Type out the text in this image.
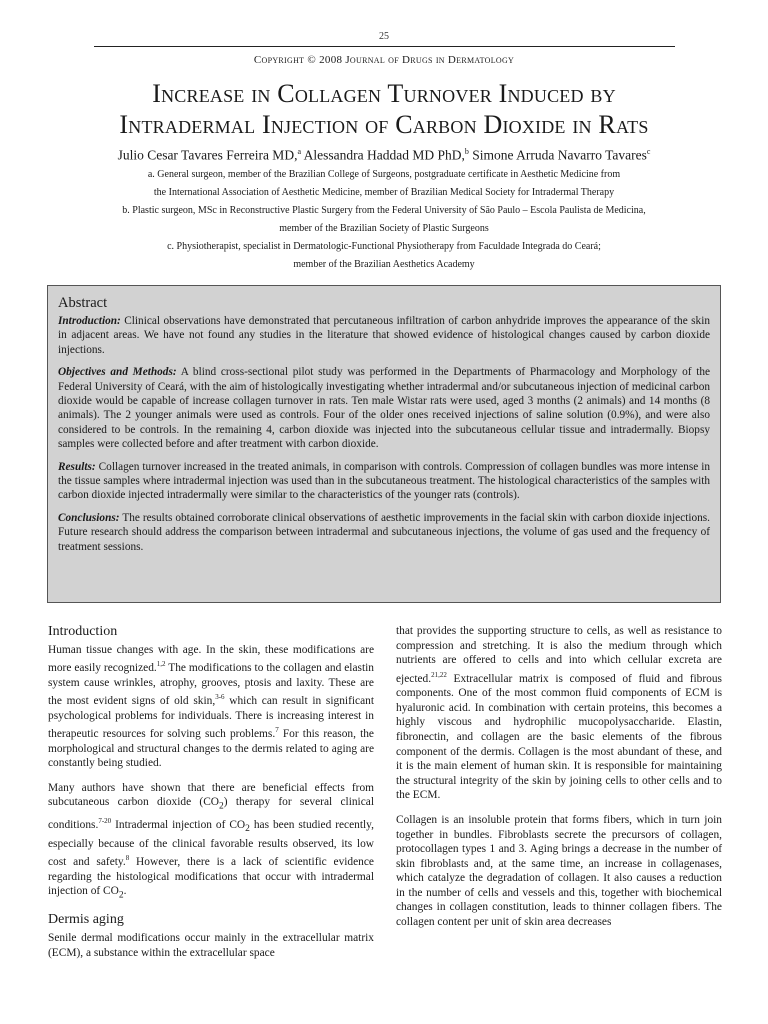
25
Copyright © 2008 Journal of Drugs in Dermatology
Increase in Collagen Turnover Induced by
Intradermal Injection of Carbon Dioxide in Rats
Julio Cesar Tavares Ferreira MD,$^a$ Alessandra Haddad MD PhD,$^b$ Simone Arruda Navarro Tavares$^c$
a. General surgeon, member of the Brazilian College of Surgeons, postgraduate certificate in Aesthetic Medicine from
the International Association of Aesthetic Medicine, member of Brazilian Medical Society for Intradermal Therapy
b. Plastic surgeon, MSc in Reconstructive Plastic Surgery from the Federal University of São Paulo – Escola Paulista de Medicina,
member of the Brazilian Society of Plastic Surgeons
c. Physiotherapist, specialist in Dermatologic-Functional Physiotherapy from Faculdade Integrada do Ceará;
member of the Brazilian Aesthetics Academy
Abstract

Introduction: Clinical observations have demonstrated that percutaneous infiltration of carbon anhydride improves the appearance of the skin in adjacent areas. We have not found any studies in the literature that showed evidence of histological changes caused by carbon dioxide injections.

Objectives and Methods: A blind cross-sectional pilot study was performed in the Departments of Pharmacology and Morphology of the Federal University of Ceará, with the aim of histologically investigating whether intradermal and/or subcutaneous injection of medicinal carbon dioxide would be capable of increase collagen turnover in rats. Ten male Wistar rats were used, aged 3 months (2 animals) and 14 months (8 animals). The 2 younger animals were used as controls. Four of the older ones received injections of saline solution (0.9%), and were also considered to be controls. In the remaining 4, carbon dioxide was injected into the subcutaneous cellular tissue and intradermally. Biopsy samples were collected before and after treatment with carbon dioxide.

Results: Collagen turnover increased in the treated animals, in comparison with controls. Compression of collagen bundles was more intense in the tissue samples where intradermal injection was used than in the subcutaneous treatment. The histological characteristics of the samples with carbon dioxide injected intradermally were similar to the characteristics of the younger rats (controls).

Conclusions: The results obtained corroborate clinical observations of aesthetic improvements in the facial skin with carbon dioxide injections. Future research should address the comparison between intradermal and subcutaneous injections, the volume of gas used and the frequency of treatment sessions.

Introduction

Human tissue changes with age. In the skin, these modifications are more easily recognized.$^{1,2}$ The modifications to the collagen and elastin system cause wrinkles, atrophy, grooves, ptosis and laxity. These are the most evident signs of old skin,$^{3-6}$ which can result in significant psychological problems for individuals. There is increasing interest in therapeutic resources for solving such problems.$^7$ For this reason, the morphological and structural changes to the dermis related to aging are constantly being studied.

Many authors have shown that there are beneficial effects from subcutaneous carbon dioxide $(CO_2)$ therapy for several clinical conditions.$^{7-20}$ Intradermal injection of $CO_2$ has been studied recently, especially because of the clinical favorable results observed, its low cost and safety.$^8$ However, there is a lack of scientific evidence regarding the histological modifications that occur with intradermal injection of $CO_2$.

Dermis aging

Senile dermal modifications occur mainly in the extracellular matrix (ECM), a substance within the extracellular space

that provides the supporting structure to cells, as well as resistance to compression and stretching. It is also the medium through which nutrients are offered to cells and into which cellular excreta are ejected.$^{21,22}$ Extracellular matrix is composed of fluid and fibrous components. One of the most common fluid components of ECM is hyaluronic acid. In combination with certain proteins, this becomes a highly viscous and hydrophilic mucopolysaccharide. Elastin, fibronectin, and collagen are the basic elements of the fibrous component of the dermis. Collagen is the most abundant of these, and it is the main element of human skin. It is responsible for maintaining the structural integrity of the skin by joining cells to other cells and to the ECM.

Collagen is an insoluble protein that forms fibers, which in turn join together in bundles. Fibroblasts secrete the precursors of collagen, protocollagen types 1 and 3. Aging brings a decrease in the number of skin fibroblasts and, at the same time, an increase in collagenases, which catalyze the degradation of collagen. It also causes a reduction in the number of cells and vessels and this, together with biochemical changes in collagen constitution, leads to thinner collagen fibers. The collagen content per unit of skin area decreases
